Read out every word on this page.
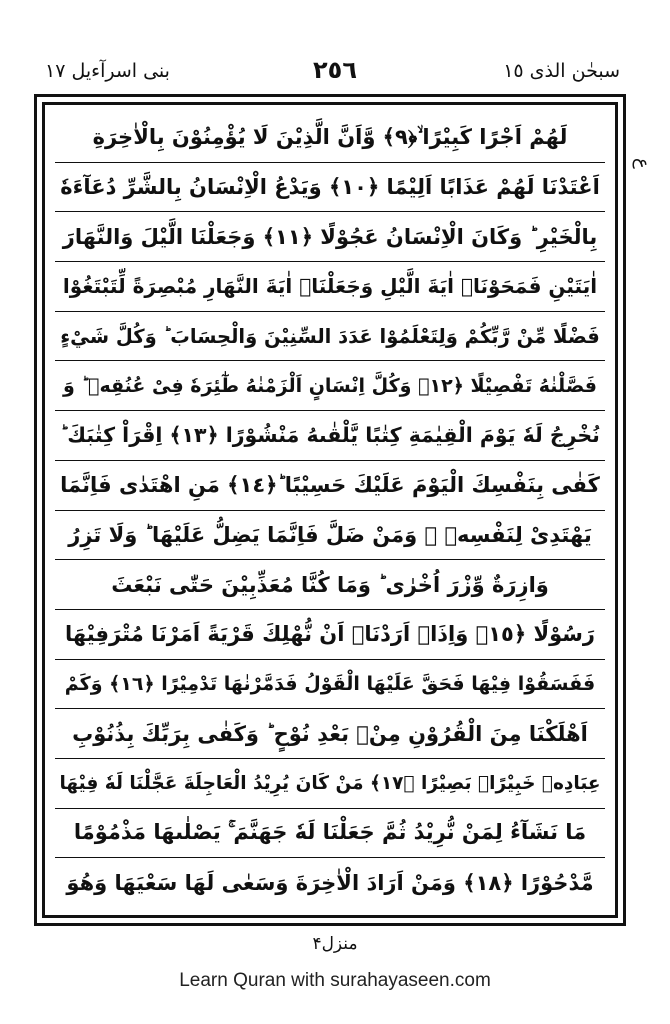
بنی اسرآءیل ١٧	٢٥٦	سبحٰن الذی ١٥
ع
لَهُمْ اَجْرًا كَبِيْرًا ۙ﴿٩﴾ وَّاَنَّ الَّذِيْنَ لَا يُؤْمِنُوْنَ بِالْاٰخِرَةِ
اَعْتَدْنَا لَهُمْ عَذَابًا اَلِيْمًا ﴿١٠﴾ وَيَدْعُ الْاِنْسَانُ بِالشَّرِّ دُعَآءَهٗ
بِالْخَيْرِ ؕ وَكَانَ الْاِنْسَانُ عَجُوْلًا ﴿١١﴾ وَجَعَلْنَا الَّيْلَ وَالنَّهَارَ
اٰيَتَيْنِ فَمَحَوْنَاۤ اٰيَةَ الَّيْلِ وَجَعَلْنَاۤ اٰيَةَ النَّهَارِ مُبْصِرَةً لِّتَبْتَغُوْا
فَضْلًا مِّنْ رَّبِّكُمْ وَلِتَعْلَمُوْا عَدَدَ السِّنِيْنَ وَالْحِسَابَ ؕ وَكُلَّ شَيْءٍ
فَصَّلْنٰهُ تَفْصِيْلًا ﴿١٢﴾ وَكُلَّ اِنْسَانٍ اَلْزَمْنٰهُ طٰٓئِرَهٗ فِىْ عُنُقِهٖ ؕ وَ
نُخْرِجُ لَهٗ يَوْمَ الْقِيٰمَةِ كِتٰبًا يَّلْقٰىهُ مَنْشُوْرًا ﴿١٣﴾ اِقْرَاْ كِتٰبَكَ ؕ
كَفٰى بِنَفْسِكَ الْيَوْمَ عَلَيْكَ حَسِيْبًا ؕ﴿١٤﴾ مَنِ اهْتَدٰى فَاِنَّمَا
يَهْتَدِىْ لِنَفْسِهٖ ۚ وَمَنْ ضَلَّ فَاِنَّمَا يَضِلُّ عَلَيْهَا ؕ وَلَا تَزِرُ
وَازِرَةٌ وِّزْرَ اُخْرٰى ؕ وَمَا كُنَّا مُعَذِّبِيْنَ حَتّٰى نَبْعَثَ
رَسُوْلًا ﴿١٥﴾ وَاِذَاۤ اَرَدْنَاۤ اَنْ نُّهْلِكَ قَرْيَةً اَمَرْنَا مُتْرَفِيْهَا
فَفَسَقُوْا فِيْهَا فَحَقَّ عَلَيْهَا الْقَوْلُ فَدَمَّرْنٰهَا تَدْمِيْرًا ﴿١٦﴾ وَكَمْ
اَهْلَكْنَا مِنَ الْقُرُوْنِ مِنْۢ بَعْدِ نُوْحٍ ؕ وَكَفٰى بِرَبِّكَ بِذُنُوْبِ
عِبَادِهٖ خَبِيْرًاۢ بَصِيْرًا ﴿١٧﴾ مَنْ كَانَ يُرِيْدُ الْعَاجِلَةَ عَجَّلْنَا لَهٗ فِيْهَا
مَا نَشَآءُ لِمَنْ نُّرِيْدُ ثُمَّ جَعَلْنَا لَهٗ جَهَنَّمَ ۚ يَصْلٰىهَا مَذْمُوْمًا
مَّدْحُوْرًا ﴿١٨﴾ وَمَنْ اَرَادَ الْاٰخِرَةَ وَسَعٰى لَهَا سَعْيَهَا وَهُوَ
منزل۴
Learn Quran with surahayaseen.com
